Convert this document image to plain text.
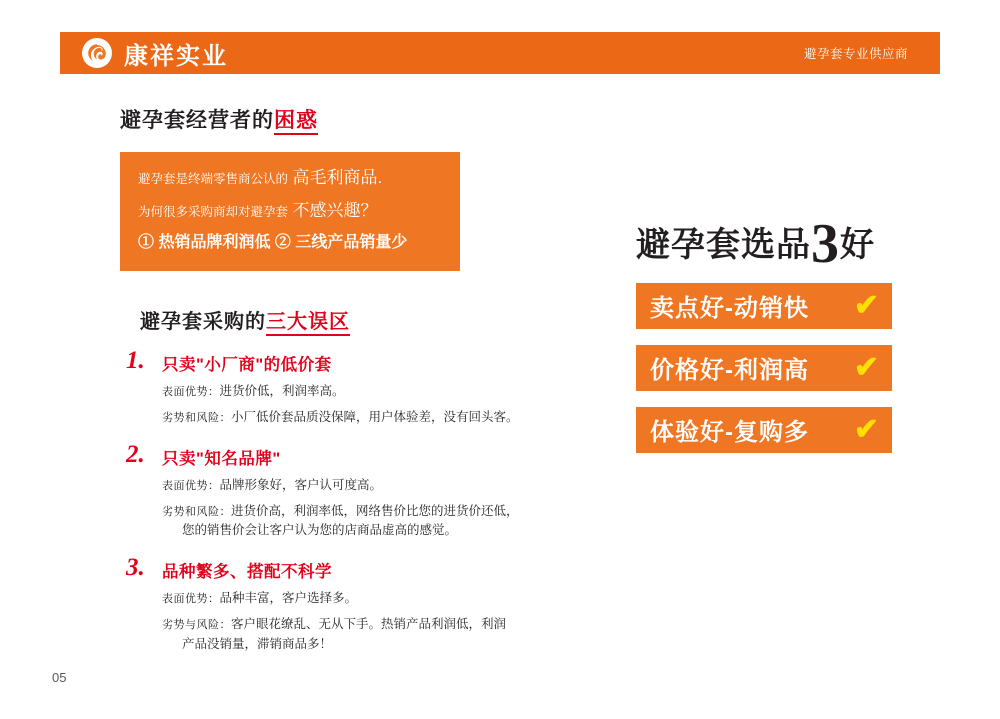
康祥实业	避孕套专业供应商
避孕套经营者的困惑
避孕套是终端零售商公认的 高毛利商品.
为何很多采购商却对避孕套 不感兴趣？
① 热销品牌利润低 ② 三线产品销量少
避孕套采购的三大误区
1. 只卖"小厂商"的低价套
表面优势：进货价低，利润率高。
劣势和风险：小厂低价套品质没保障，用户体验差，没有回头客。
2. 只卖"知名品牌"
表面优势：品牌形象好，客户认可度高。
劣势和风险：进货价高，利润率低，网络售价比您的进货价还低，
您的销售价会让客户认为您的店商品虚高的感觉。
3. 品种繁多、搭配不科学
表面优势：品种丰富，客户选择多。
劣势与风险：客户眼花缭乱、无从下手。热销产品利润低，利润
产品没销量，滞销商品多！
避孕套选品3好
卖点好-动销快 ✔
价格好-利润高 ✔
体验好-复购多 ✔
05
